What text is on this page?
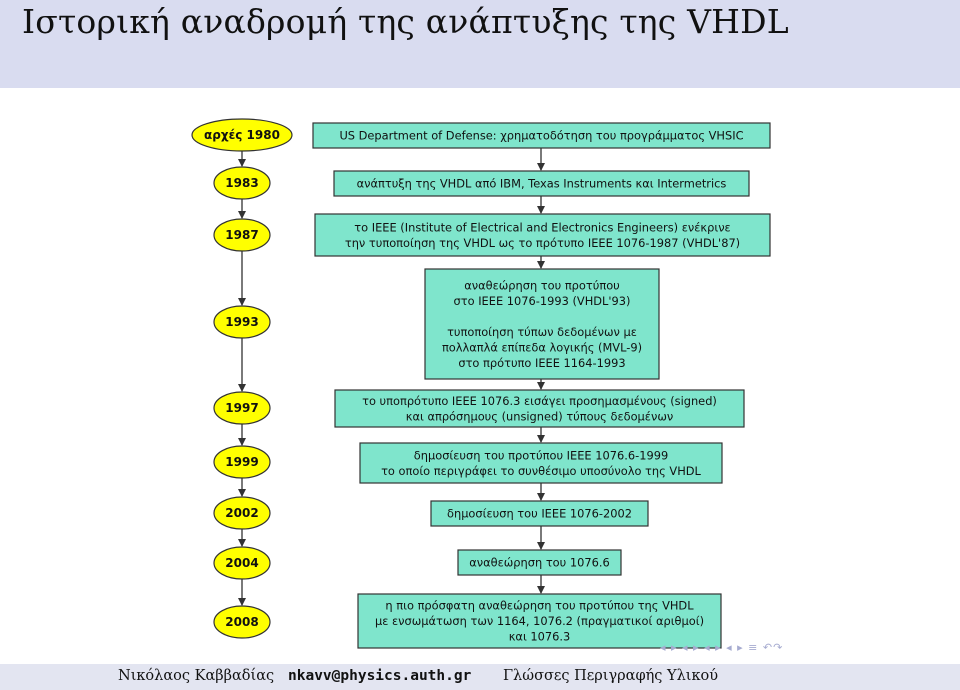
Ιστορική αναδρομή της ανάπτυξης της VHDL
αρχές 1980
1983
1987
1993
1997
1999
2002
2004
2008
US Department of Defense: χρηματοδότηση του προγράμματος VHSIC
ανάπτυξη της VHDL από IBM, Texas Instruments και Intermetrics
το IEEE (Institute of Electrical and Electronics Engineers) ενέκρινε
την τυποποίηση της VHDL ως το πρότυπο IEEE 1076-1987 (VHDL'87)
αναθεώρηση του προτύπου
στο IEEE 1076-1993 (VHDL'93)
τυποποίηση τύπων δεδομένων με
πολλαπλά επίπεδα λογικής (MVL-9)
στο πρότυπο IEEE 1164-1993
το υποπρότυπο IEEE 1076.3 εισάγει προσημασμένους (signed)
και απρόσημους (unsigned) τύπους δεδομένων
δημοσίευση του προτύπου IEEE 1076.6-1999
το οποίο περιγράφει το συνθέσιμο υποσύνολο της VHDL
δημοσίευση του IEEE 1076-2002
αναθεώρηση του 1076.6
η πιο πρόσφατη αναθεώρηση του προτύπου της VHDL
με ενσωμάτωση των 1164, 1076.2 (πραγματικοί αριθμοί)
και 1076.3
◂ ▸ ◂ ▸ ◂ ▸ ◂ ▸ ≡ ↶↷
Νικόλαος Καββαδίας nkavv@physics.auth.gr Γλώσσες Περιγραφής Υλικού
